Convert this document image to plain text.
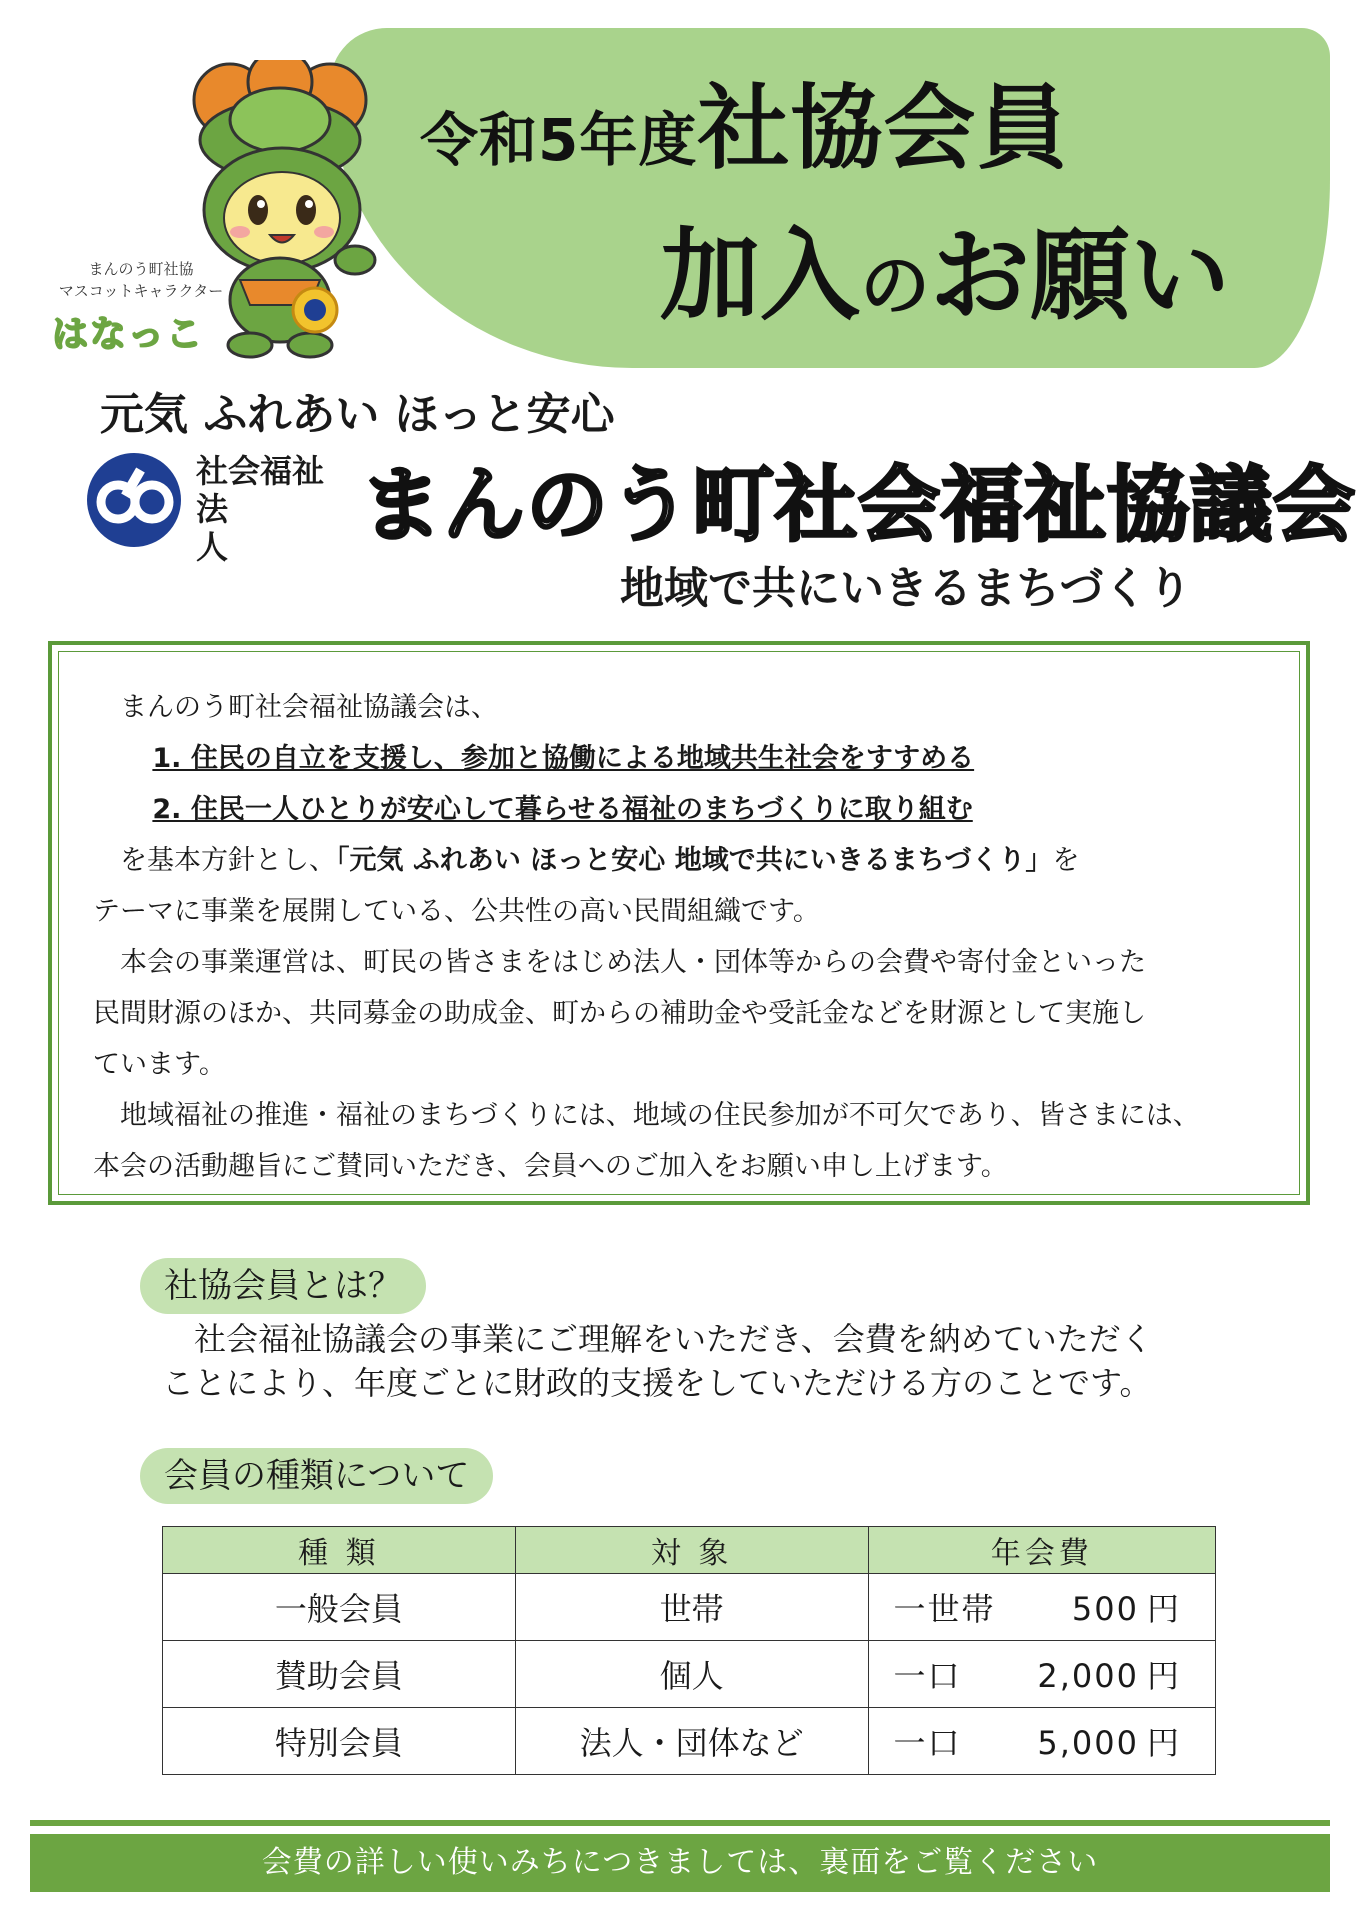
令和5年度社協会員
加入のお願い
まんのう町社協
マスコットキャラクター
はなっこ
元気 ふれあい ほっと安心
社会福祉
法 人	まんのう町社会福祉協議会
地域で共にいきるまちづくり

まんのう町社会福祉協議会は、

1. 住民の自立を支援し、参加と協働による地域共生社会をすすめる

2. 住民一人ひとりが安心して暮らせる福祉のまちづくりに取り組む

を基本方針とし、「元気 ふれあい ほっと安心 地域で共にいきるまちづくり」を

テーマに事業を展開している、公共性の高い民間組織です。

本会の事業運営は、町民の皆さまをはじめ法人・団体等からの会費や寄付金といった

民間財源のほか、共同募金の助成金、町からの補助金や受託金などを財源として実施し

ています。

地域福祉の推進・福祉のまちづくりには、地域の住民参加が不可欠であり、皆さまには、

本会の活動趣旨にご賛同いただき、会員へのご加入をお願い申し上げます。

社協会員とは？

社会福祉協議会の事業にご理解をいただき、会費を納めていただく

ことにより、年度ごとに財政的支援をしていただける方のことです。

会員の種類について
種 類	対 象	年会費
一般会員	世帯	一世帯 500 円
賛助会員	個人	一口 2,000 円
特別会員	法人・団体など	一口 5,000 円
会費の詳しい使いみちにつきましては、裏面をご覧ください
